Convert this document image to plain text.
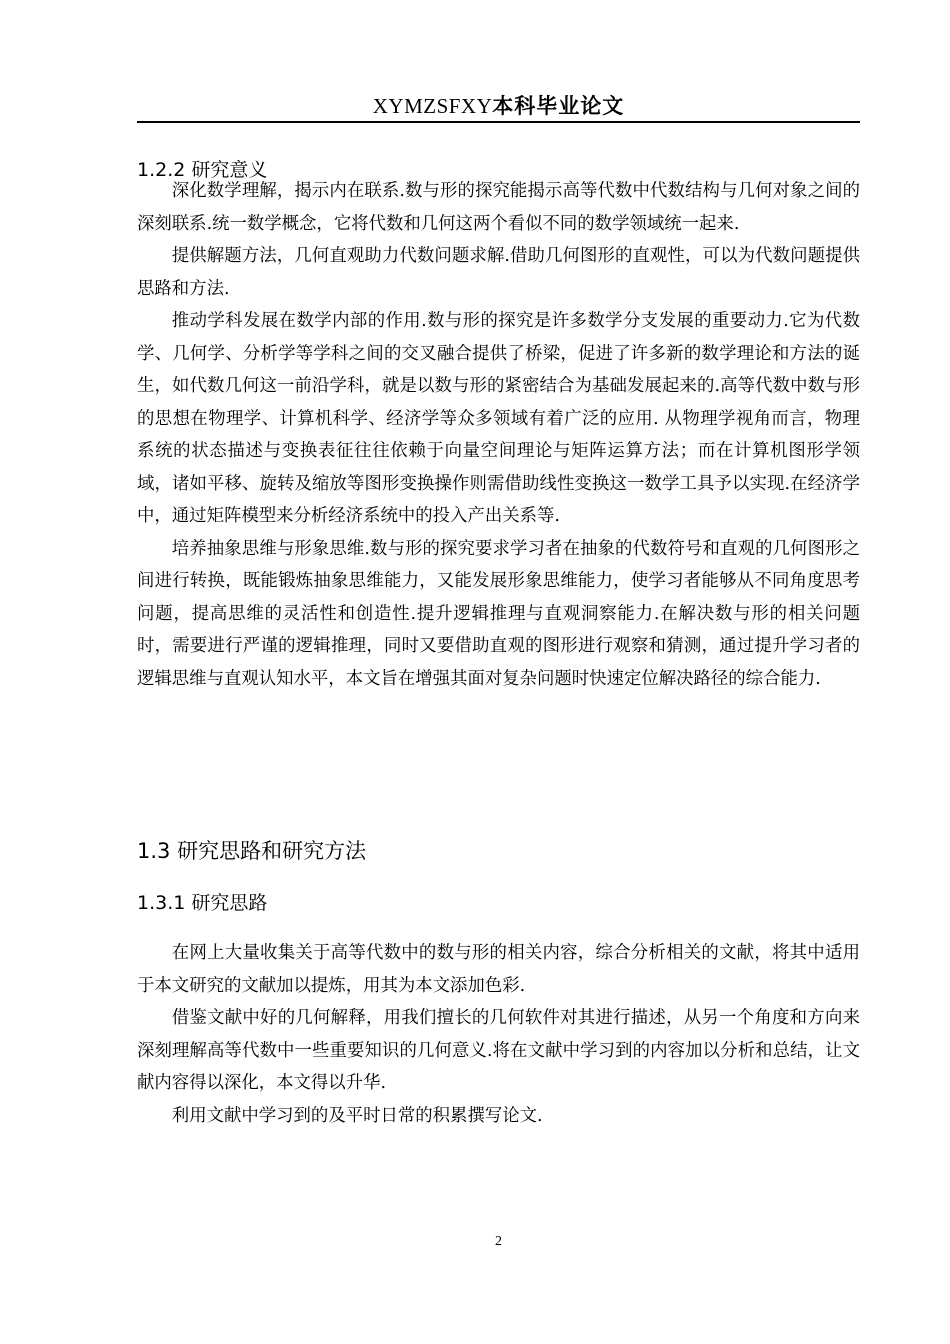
XYMZSFXY本科毕业论文
1.2.2 研究意义

深化数学理解，揭示内在联系.数与形的探究能揭示高等代数中代数结构与几何对象之间的深刻联系.统一数学概念，它将代数和几何这两个看似不同的数学领域统一起来.

提供解题方法，几何直观助力代数问题求解.借助几何图形的直观性，可以为代数问题提供思路和方法.

推动学科发展在数学内部的作用.数与形的探究是许多数学分支发展的重要动力.它为代数学、几何学、分析学等学科之间的交叉融合提供了桥梁，促进了许多新的数学理论和方法的诞生，如代数几何这一前沿学科，就是以数与形的紧密结合为基础发展起来的.高等代数中数与形的思想在物理学、计算机科学、经济学等众多领域有着广泛的应用. 从物理学视角而言，物理系统的状态描述与变换表征往往依赖于向量空间理论与矩阵运算方法；而在计算机图形学领域，诸如平移、旋转及缩放等图形变换操作则需借助线性变换这一数学工具予以实现.在经济学中，通过矩阵模型来分析经济系统中的投入产出关系等.

培养抽象思维与形象思维.数与形的探究要求学习者在抽象的代数符号和直观的几何图形之间进行转换，既能锻炼抽象思维能力，又能发展形象思维能力，使学习者能够从不同角度思考问题，提高思维的灵活性和创造性.提升逻辑推理与直观洞察能力.在解决数与形的相关问题时，需要进行严谨的逻辑推理，同时又要借助直观的图形进行观察和猜测，通过提升学习者的逻辑思维与直观认知水平，本文旨在增强其面对复杂问题时快速定位解决路径的综合能力.

1.3 研究思路和研究方法
1.3.1 研究思路

在网上大量收集关于高等代数中的数与形的相关内容，综合分析相关的文献，将其中适用于本文研究的文献加以提炼，用其为本文添加色彩.

借鉴文献中好的几何解释，用我们擅长的几何软件对其进行描述，从另一个角度和方向来深刻理解高等代数中一些重要知识的几何意义.将在文献中学习到的内容加以分析和总结，让文献内容得以深化，本文得以升华.

利用文献中学习到的及平时日常的积累撰写论文.

2
